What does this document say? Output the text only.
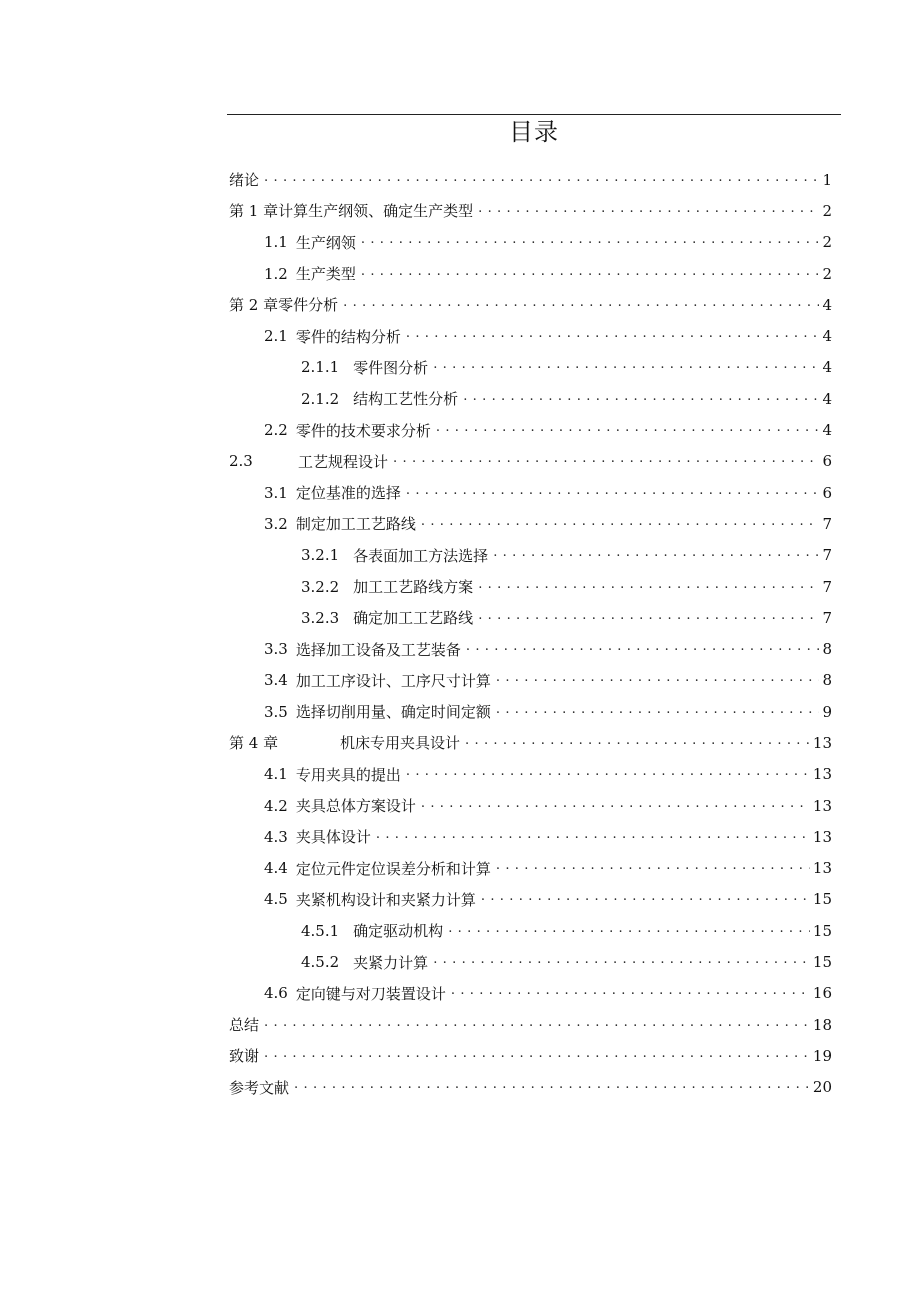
目录
绪论 . . .	1
第 1 章 计算生产纲领、确定生产类型 . . .	2
1.1 生产纲领 . . .	2
1.2 生产类型 . . .	2
第 2 章 零件分析 . . .	4
2.1 零件的结构分析 . . .	4
2.1.1 零件图分析 . . .	4
2.1.2 结构工艺性分析 . . .	4
2.2 零件的技术要求分析 . . .	4
2.3	工艺规程设计 . . .	6
3.1 定位基准的选择 . . .	6
3.2 制定加工工艺路线 . . .	7
3.2.1 各表面加工方法选择 . . .	7
3.2.2 加工工艺路线方案 . . .	7
3.2.3 确定加工工艺路线 . . .	7
3.3 选择加工设备及工艺装备 . . .	8
3.4 加工工序设计、工序尺寸计算 . . .	8
3.5 选择切削用量、确定时间定额 . . .	9
第 4 章	机床专用夹具设计 . . .	13
4.1 专用夹具的提出 . . .	13
4.2 夹具总体方案设计 . . .	13
4.3 夹具体设计 . . .	13
4.4 定位元件定位误差分析和计算 . . .	13
4.5 夹紧机构设计和夹紧力计算 . . .	15
4.5.1 确定驱动机构 . . .	15
4.5.2 夹紧力计算 . . .	15
4.6 定向键与对刀装置设计 . . .	16
总结 . . .	18
致谢 . . .	19
参考文献 . . .	20
